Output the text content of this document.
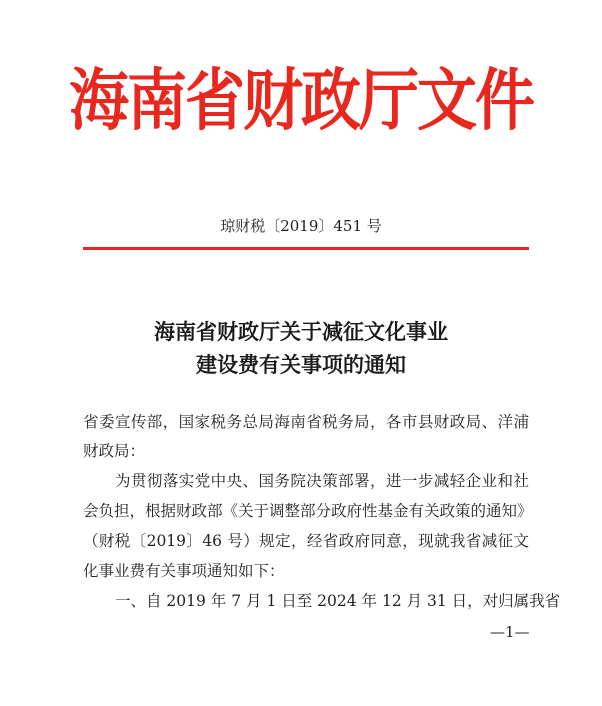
海南省财政厅文件
琼财税〔2019〕451 号
海南省财政厅关于减征文化事业
建设费有关事项的通知
省委宣传部，国家税务总局海南省税务局，各市县财政局、洋浦
财政局：
为贯彻落实党中央、国务院决策部署，进一步减轻企业和社
会负担，根据财政部《关于调整部分政府性基金有关政策的通知》
（财税〔2019〕46 号）规定，经省政府同意，现就我省减征文
化事业费有关事项通知如下：
一、自 2019 年 7 月 1 日至 2024 年 12 月 31 日，对归属我省
—1—
